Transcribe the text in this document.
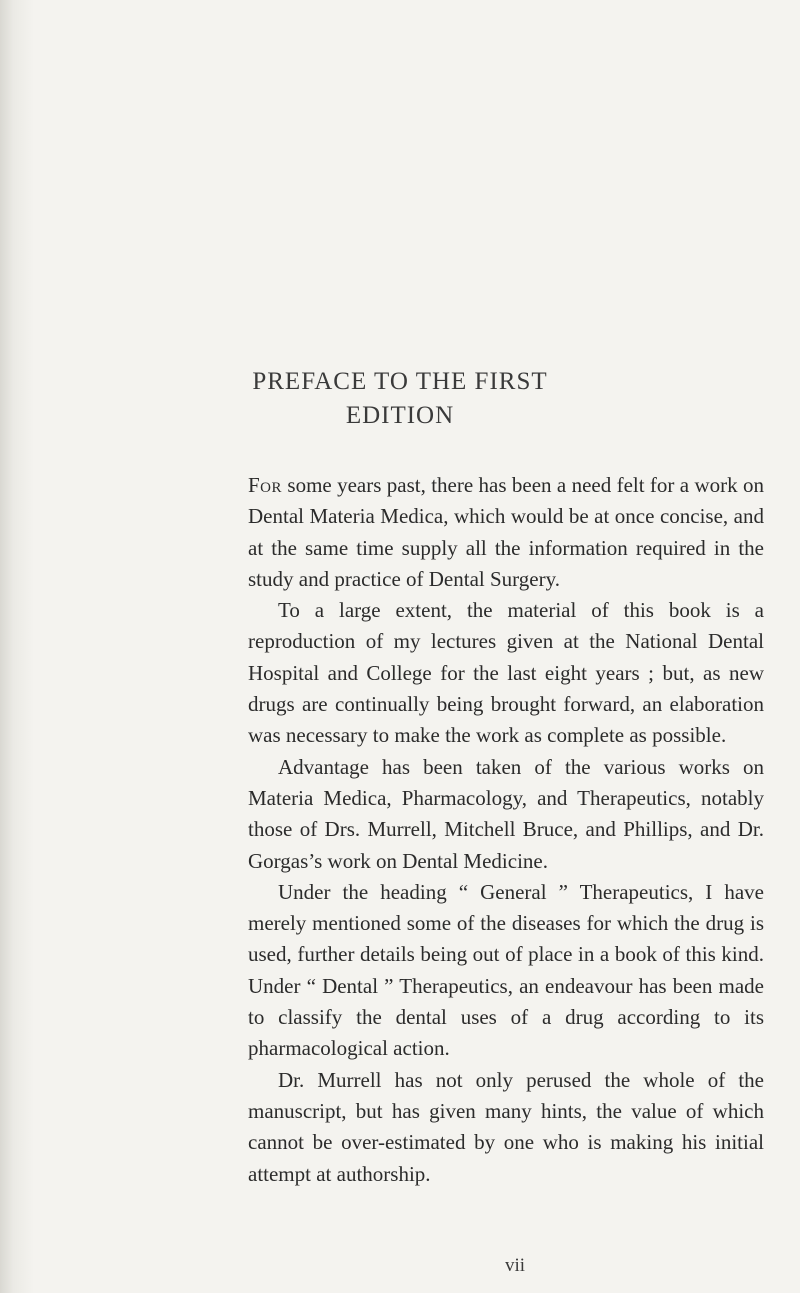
PREFACE TO THE FIRST
EDITION

For some years past, there has been a need felt for a work on Dental Materia Medica, which would be at once concise, and at the same time supply all the information required in the study and practice of Dental Surgery.

To a large extent, the material of this book is a reproduction of my lectures given at the National Dental Hospital and College for the last eight years ; but, as new drugs are continually being brought forward, an elaboration was necessary to make the work as complete as possible.

Advantage has been taken of the various works on Materia Medica, Pharmacology, and Therapeutics, notably those of Drs. Murrell, Mitchell Bruce, and Phillips, and Dr. Gorgas’s work on Dental Medicine.

Under the heading “ General ” Therapeutics, I have merely mentioned some of the diseases for which the drug is used, further details being out of place in a book of this kind. Under “ Dental ” Therapeutics, an endeavour has been made to classify the dental uses of a drug according to its pharmacological action.

Dr. Murrell has not only perused the whole of the manuscript, but has given many hints, the value of which cannot be over-estimated by one who is making his initial attempt at authorship.

vii
